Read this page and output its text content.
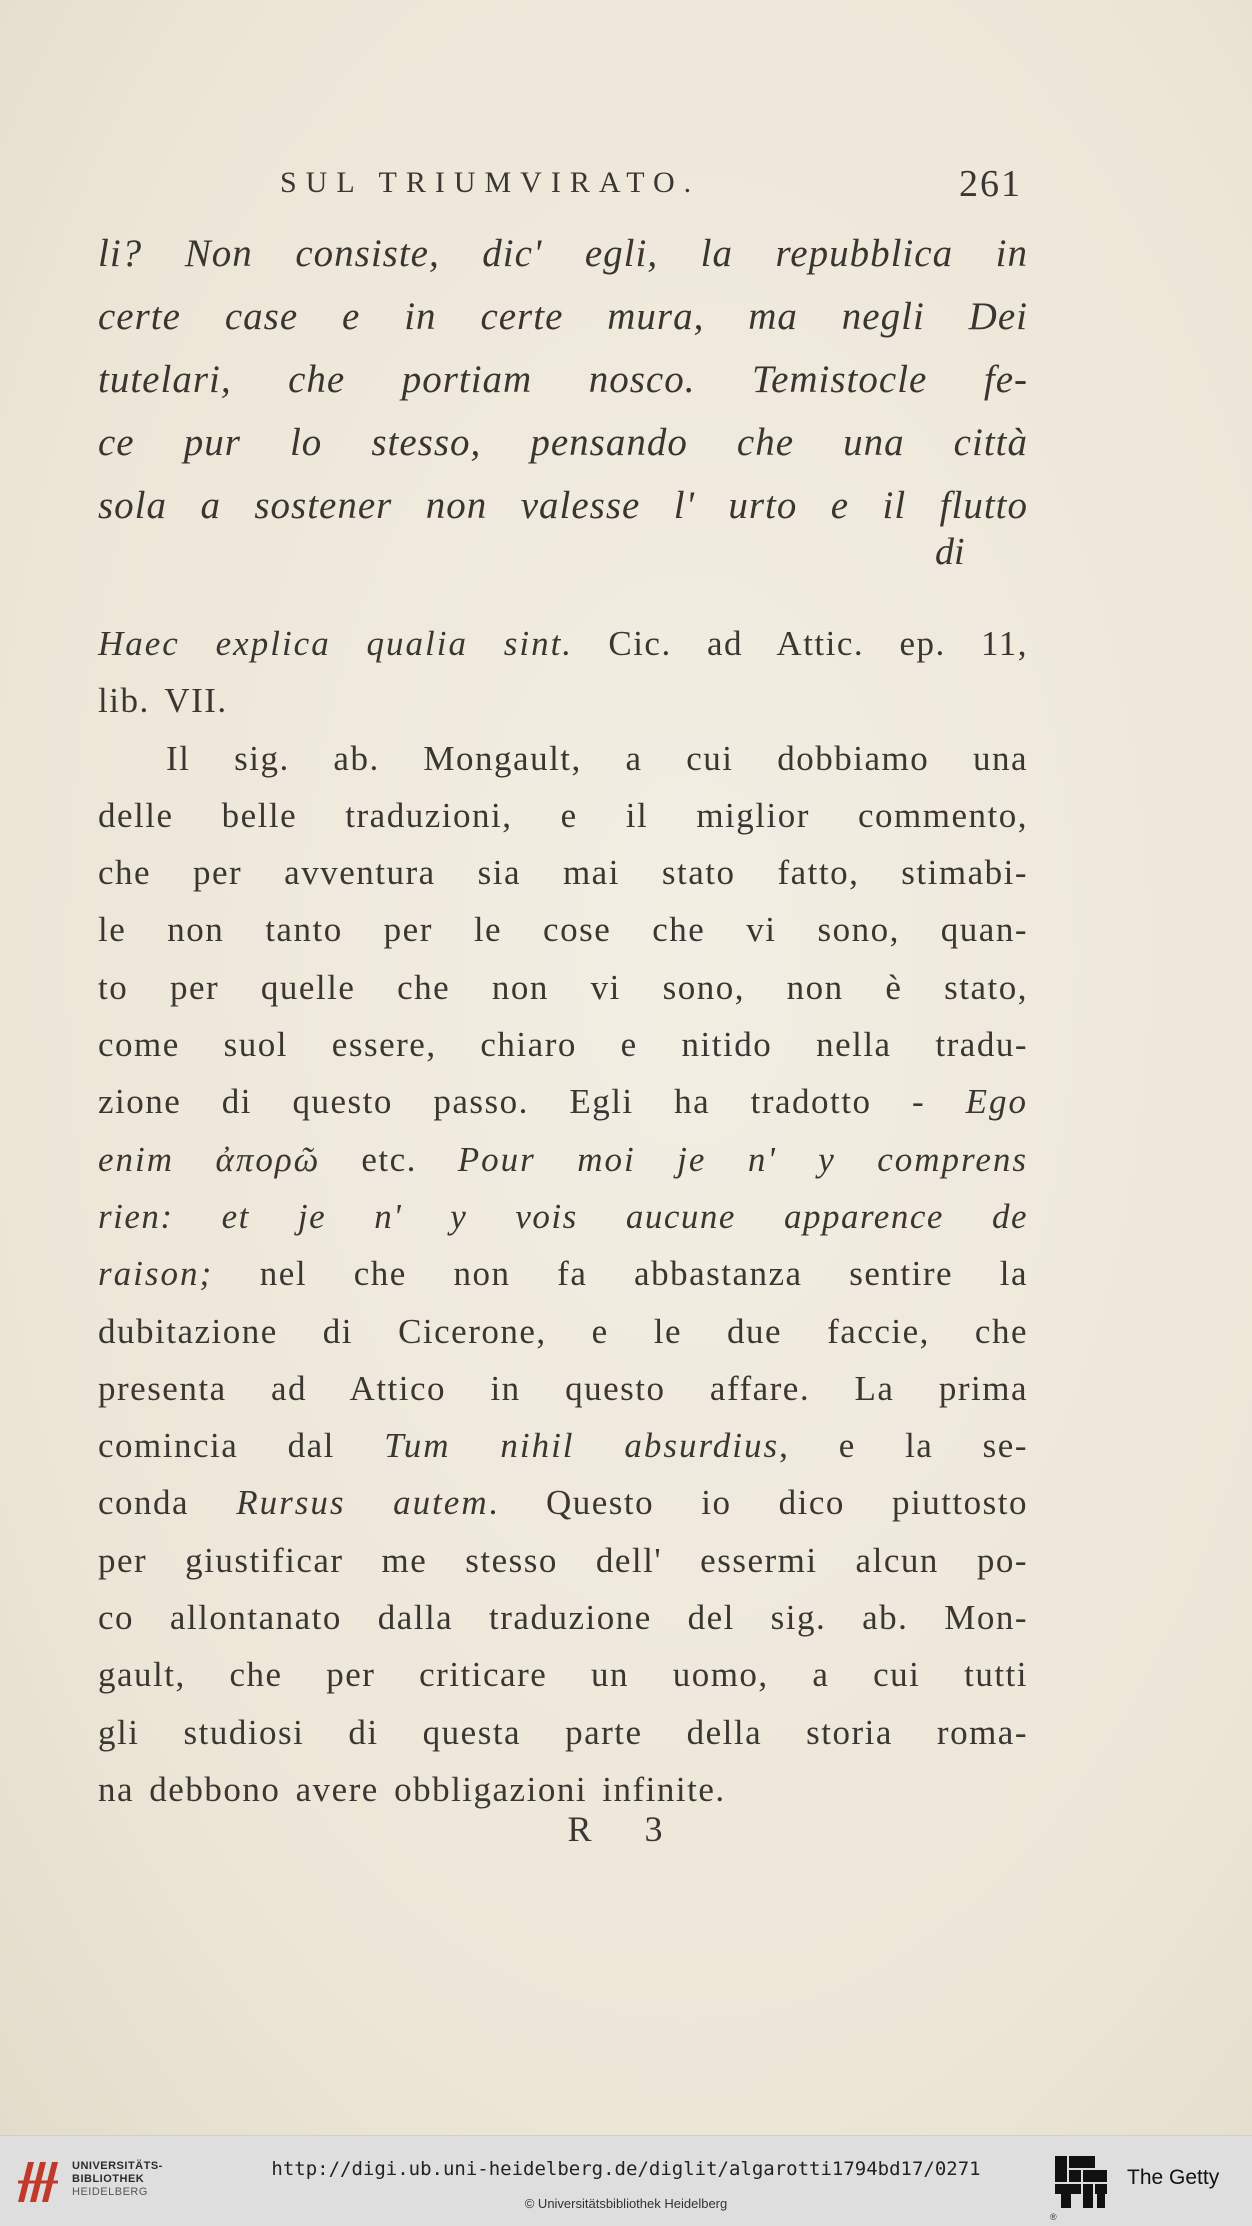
SUL TRIUMVIRATO.	261
li? Non consiste, dic' egli, la repubblica in
certe case e in certe mura, ma negli Dei
tutelari, che portiam nosco. Temistocle fe-
ce pur lo stesso, pensando che una città
sola a sostener non valesse l' urto e il flutto
di
Haec explica qualia sint. Cic. ad Attic. ep. 11,
lib. VII.
Il sig. ab. Mongault, a cui dobbiamo una
delle belle traduzioni, e il miglior commento,
che per avventura sia mai stato fatto, stimabi-
le non tanto per le cose che vi sono, quan-
to per quelle che non vi sono, non è stato,
come suol essere, chiaro e nitido nella tradu-
zione di questo passo. Egli ha tradotto - Ego
enim ἀπορῶ etc. Pour moi je n' y comprens
rien: et je n' y vois aucune apparence de
raison; nel che non fa abbastanza sentire la
dubitazione di Cicerone, e le due faccie, che
presenta ad Attico in questo affare. La prima
comincia dal Tum nihil absurdius, e la se-
conda Rursus autem. Questo io dico piuttosto
per giustificar me stesso dell' essermi alcun po-
co allontanato dalla traduzione del sig. ab. Mon-
gault, che per criticare un uomo, a cui tutti
gli studiosi di questa parte della storia roma-
na debbono avere obbligazioni infinite.
R 3
UNIVERSITÄTS-
BIBLIOTHEK
HEIDELBERG
http://digi.ub.uni-heidelberg.de/diglit/algarotti1794bd17/0271
© Universitätsbibliothek Heidelberg
®
The Getty
